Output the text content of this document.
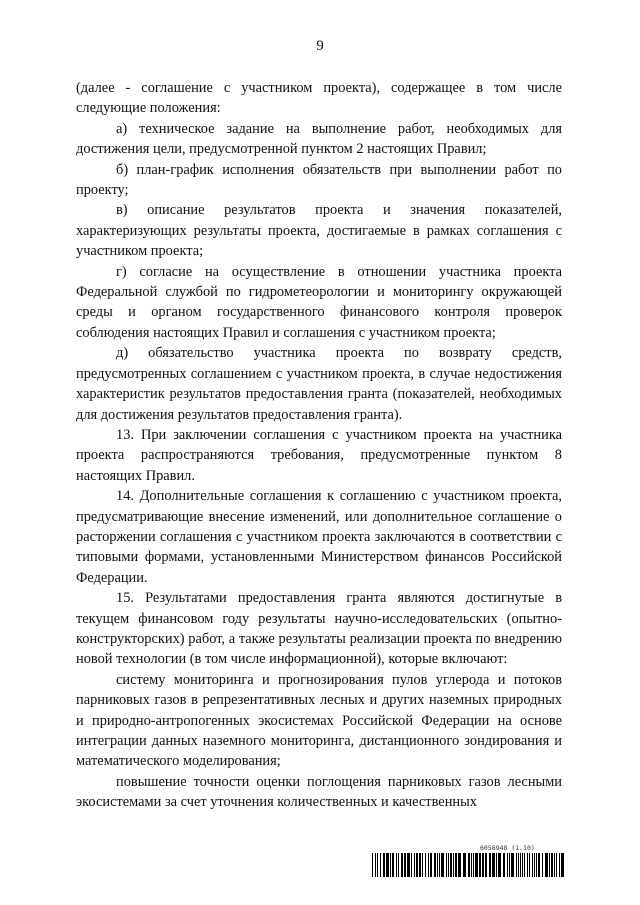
9

(далее - соглашение с участником проекта), содержащее в том числе следующие положения:

а) техническое задание на выполнение работ, необходимых для достижения цели, предусмотренной пунктом 2 настоящих Правил;

б) план-график исполнения обязательств при выполнении работ по проекту;

в) описание результатов проекта и значения показателей, характеризующих результаты проекта, достигаемые в рамках соглашения с участником проекта;

г) согласие на осуществление в отношении участника проекта Федеральной службой по гидрометеорологии и мониторингу окружающей среды и органом государственного финансового контроля проверок соблюдения настоящих Правил и соглашения с участником проекта;

д) обязательство участника проекта по возврату средств, предусмотренных соглашением с участником проекта, в случае недостижения характеристик результатов предоставления гранта (показателей, необходимых для достижения результатов предоставления гранта).

13. При заключении соглашения с участником проекта на участника проекта распространяются требования, предусмотренные пунктом 8 настоящих Правил.

14. Дополнительные соглашения к соглашению с участником проекта, предусматривающие внесение изменений, или дополнительное соглашение о расторжении соглашения с участником проекта заключаются в соответствии с типовыми формами, установленными Министерством финансов Российской Федерации.

15. Результатами предоставления гранта являются достигнутые в текущем финансовом году результаты научно-исследовательских (опытно-конструкторских) работ, а также результаты реализации проекта по внедрению новой технологии (в том числе информационной), которые включают:

систему мониторинга и прогнозирования пулов углерода и потоков парниковых газов в репрезентативных лесных и других наземных природных и природно-антропогенных экосистемах Российской Федерации на основе интеграции данных наземного мониторинга, дистанционного зондирования и математического моделирования;

повышение точности оценки поглощения парниковых газов лесными экосистемами за счет уточнения количественных и качественных

6058948 (1.10)
